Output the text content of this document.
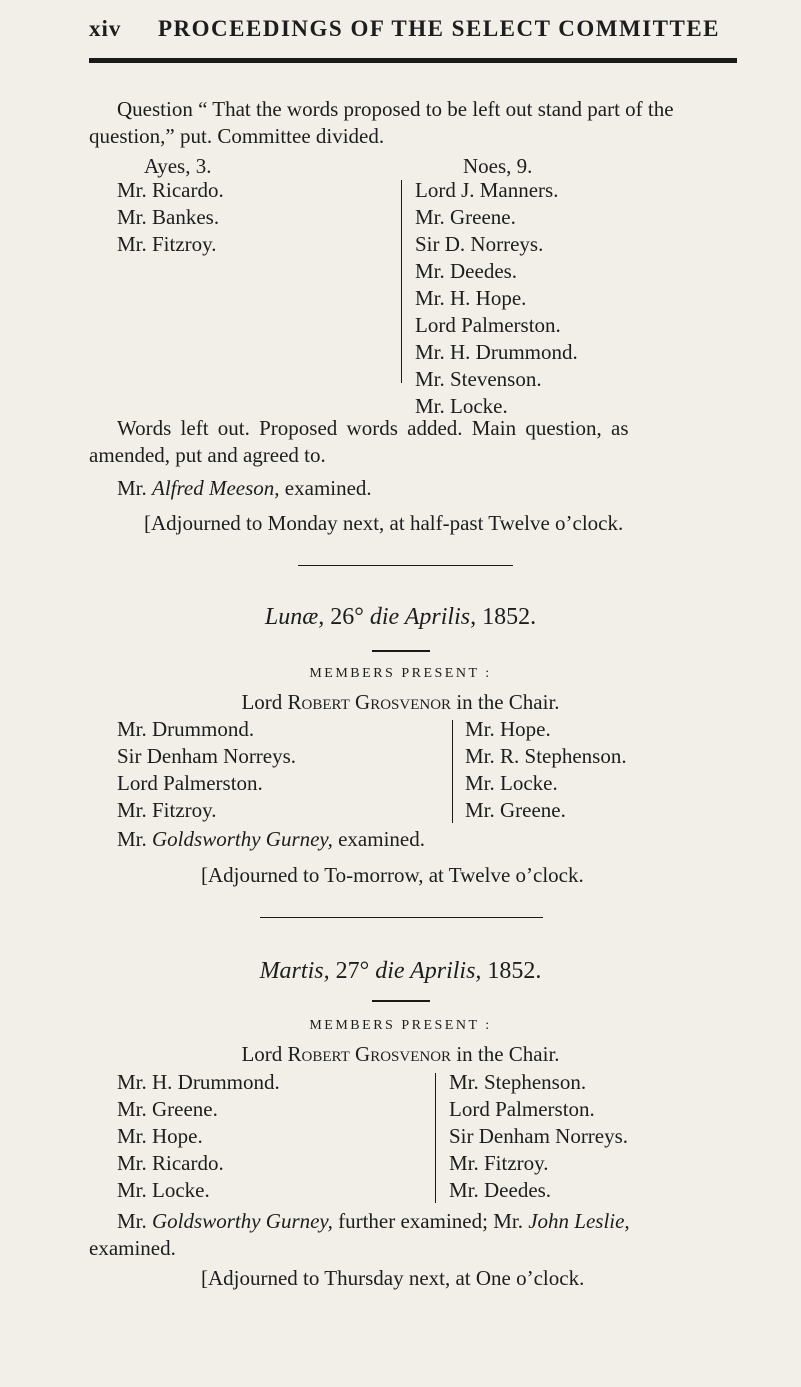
xiv PROCEEDINGS OF THE SELECT COMMITTEE
Question “ That the words proposed to be left out stand part of the
question,” put. Committee divided.
Ayes, 3.	Noes, 9.
Mr. Ricardo.
Mr. Bankes.
Mr. Fitzroy.
Lord J. Manners.
Mr. Greene.
Sir D. Norreys.
Mr. Deedes.
Mr. H. Hope.
Lord Palmerston.
Mr. H. Drummond.
Mr. Stevenson.
Mr. Locke.
Words left out. Proposed words added. Main question, as
amended, put and agreed to.
Mr. Alfred Meeson, examined.
[Adjourned to Monday next, at half-past Twelve o’clock.
Lunæ, 26° die Aprilis, 1852.
MEMBERS PRESENT :
Lord Robert Grosvenor in the Chair.
Mr. Drummond.
Sir Denham Norreys.
Lord Palmerston.
Mr. Fitzroy.
Mr. Hope.
Mr. R. Stephenson.
Mr. Locke.
Mr. Greene.
Mr. Goldsworthy Gurney, examined.
[Adjourned to To-morrow, at Twelve o’clock.
Martis, 27° die Aprilis, 1852.
MEMBERS PRESENT :
Lord Robert Grosvenor in the Chair.
Mr. H. Drummond.
Mr. Greene.
Mr. Hope.
Mr. Ricardo.
Mr. Locke.
Mr. Stephenson.
Lord Palmerston.
Sir Denham Norreys.
Mr. Fitzroy.
Mr. Deedes.
Mr. Goldsworthy Gurney, further examined; Mr. John Leslie,
examined.
[Adjourned to Thursday next, at One o’clock.
